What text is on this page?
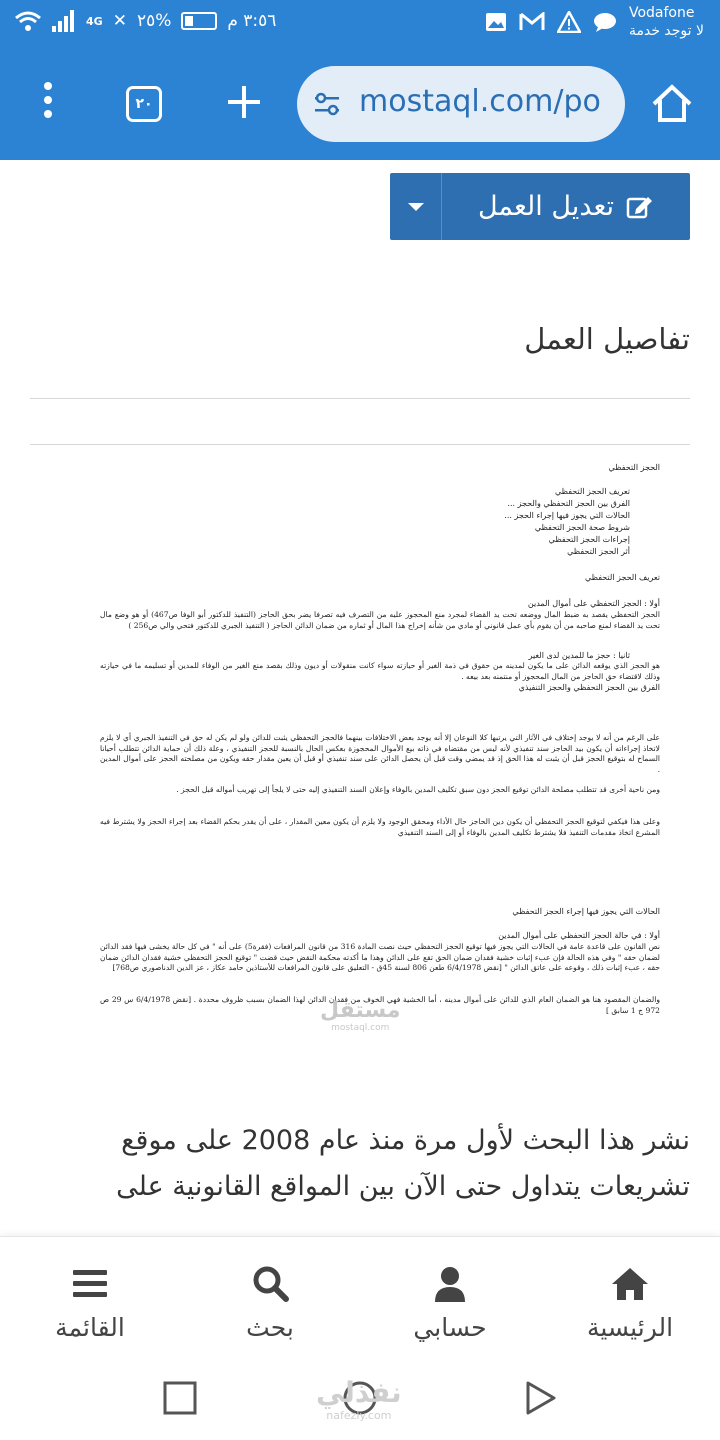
٣:٥٦ م
%٢٥
✕
4G	Vodafone
لا توجد خدمة
٢٠	mostaql.com/po
تعديل العمل
تفاصيل العمل
الحجز التحفظي
تعريف الحجز التحفظي
الفرق بين الحجز التحفظي والحجز ...
الحالات التي يجوز فيها إجراء الحجز ...
شروط صحة الحجز التحفظي
إجراءات الحجز التحفظي
أثر الحجز التحفظي
تعريف الحجز التحفظي
أولا : الحجز التحفظي على أموال المدين
الحجز التحفظي يقصد به ضبط المال ووضعه تحت يد القضاء لمجرد منع المحجوز عليه من التصرف فيه تصرفا يضر بحق الحاجز (التنفيذ للدكتور أبو الوفا ص467) أو هو وضع مال تحت يد القضاء لمنع صاحبه من أن يقوم بأي عمل قانوني أو مادي من شأنه إخراج هذا المال أو ثماره من ضمان الدائن الحاجز ( التنفيذ الجبري للدكتور فتحي والي ص256 )
ثانيا : حجز ما للمدين لدى الغير
هو الحجز الذي يوقعه الدائن على ما يكون لمدينه من حقوق في ذمة الغير أو حيازته سواء كانت منقولات أو ديون وذلك بقصد منع الغير من الوفاء للمدين أو تسليمه ما في حيازته وذلك لاقتضاء حق الحاجز من المال المحجوز أو منتمنه بعد بيعه .
الفرق بين الحجز التحفظي والحجز التنفيذي
على الرغم من أنه لا يوجد إختلاف في الآثار التي يرتبها كلا النوعان إلا أنه يوجد بعض الاختلافات بينهما فالحجز التحفظي يثبت للدائن ولو لم يكن له حق في التنفيذ الجبري أي لا يلزم لاتخاذ إجراءاته أن يكون بيد الحاجز سند تنفيذي لأنه ليس من مقتضاه في ذاته بيع الأموال المحجوزة بعكس الحال بالنسبة للحجز التنفيذي ، وعلة ذلك أن حماية الدائن تتطلب أحيانا السماح له بتوقيع الحجز قبل أن يثبت له هذا الحق إذ قد يمضي وقت قبل أن يحصل الدائن على سند تنفيذي أو قبل أن يعين مقدار حقه ويكون من مصلحته الحجز على أموال المدين .
ومن ناحية أخرى قد تتطلب مصلحة الدائن توقيع الحجز دون سبق تكليف المدين بالوفاء وإعلان السند التنفيذي إليه حتى لا يلجأ إلى تهريب أمواله قبل الحجز .
وعلى هذا فيكفي لتوقيع الحجز التحفظي أن يكون دين الحاجز حال الأداء ومحقق الوجود ولا يلزم أن يكون معين المقدار ، على أن يقدر بحكم القضاء بعد إجراء الحجز ولا يشترط فيه المشرع اتخاذ مقدمات التنفيذ فلا يشترط تكليف المدين بالوفاء أو إلى السند التنفيذي
الحالات التي يجوز فيها إجراء الحجز التحفظي
أولا : في حالة الحجز التحفظي على أموال المدين
نص القانون على قاعدة عامة في الحالات التي يجوز فيها توقيع الحجز التحفظي حيث نصت المادة 316 من قانون المرافعات (فقرة5) على أنه " في كل حالة يخشى فيها فقد الدائن لضمان حقه " وفي هذه الحالة فإن عبء إثبات خشية فقدان ضمان الحق تقع على الدائن وهذا ما أكدته محكمة النقض حيث قضت " توقيع الحجز التحفظي خشية فقدان الدائن ضمان حقه ، عبء إثبات ذلك ، وقوعه على عاتق الدائن " [نقض 6/4/1978 طعن 806 لسنة 45ق - التعليق على قانون المرافعات للأستاذين حامد عكاز ، عز الدين الدناصوري ص768]
والضمان المقصود هنا هو الضمان العام الذي للدائن على أموال مدينه ، أما الخشية فهي الخوف من فقدان الدائن لهذا الضمان بسبب ظروف محددة . [نقض 6/4/1978 س 29 ص 972 ج 1 سابق ]
مستقل
mostaql.com
نشر هذا البحث لأول مرة منذ عام 2008 على موقع تشريعات يتداول حتى الآن بين المواقع القانونية على
الرئيسية
حسابي
بحث
القائمة
نفذلي
nafezly.com
